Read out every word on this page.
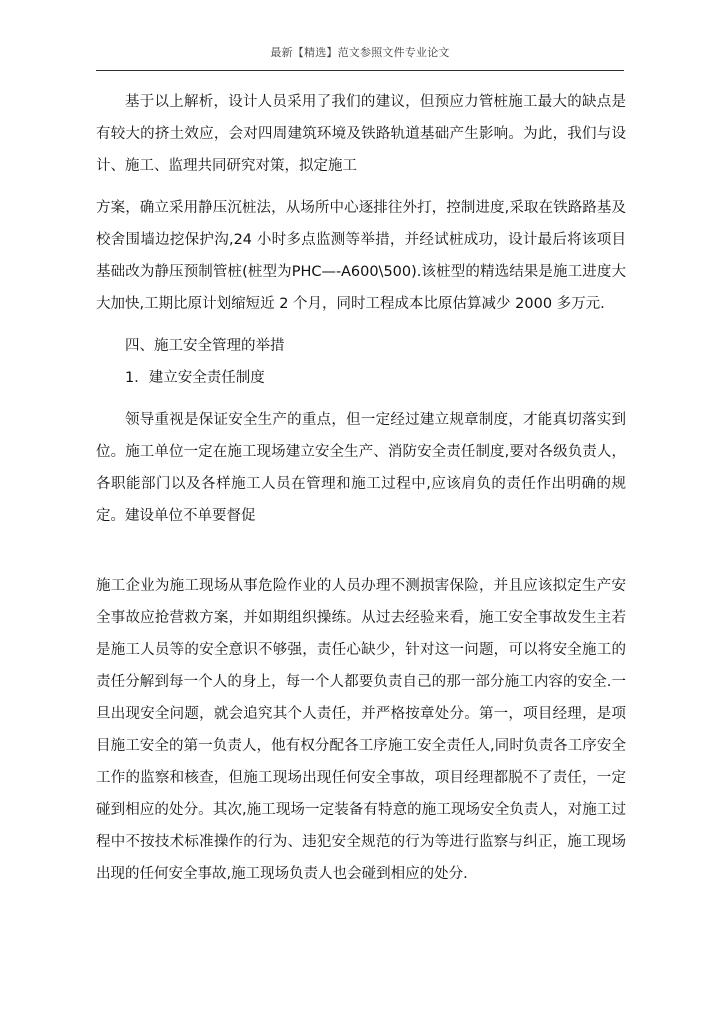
最新【精选】范文参照文件专业论文

基于以上解析，设计人员采用了我们的建议，但预应力管桩施工最大的缺点是有较大的挤土效应，会对四周建筑环境及铁路轨道基础产生影响。为此，我们与设计、施工、监理共同研究对策，拟定施工

方案，确立采用静压沉桩法，从场所中心逐排往外打，控制进度,采取在铁路路基及校舍围墙边挖保护沟,24 小时多点监测等举措，并经试桩成功，设计最后将该项目基础改为静压预制管桩(桩型为PHC—-A600\500).该桩型的精选结果是施工进度大大加快,工期比原计划缩短近 2 个月，同时工程成本比原估算减少 2000 多万元.

四、施工安全管理的举措

1．建立安全责任制度

领导重视是保证安全生产的重点，但一定经过建立规章制度，才能真切落实到位。施工单位一定在施工现场建立安全生产、消防安全责任制度,要对各级负责人，各职能部门以及各样施工人员在管理和施工过程中,应该肩负的责任作出明确的规定。建设单位不单要督促

施工企业为施工现场从事危险作业的人员办理不测损害保险，并且应该拟定生产安全事故应抢营救方案，并如期组织操练。从过去经验来看，施工安全事故发生主若是施工人员等的安全意识不够强，责任心缺少，针对这一问题，可以将安全施工的责任分解到每一个人的身上，每一个人都要负责自己的那一部分施工内容的安全.一旦出现安全问题，就会追究其个人责任，并严格按章处分。第一，项目经理，是项目施工安全的第一负责人，他有权分配各工序施工安全责任人,同时负责各工序安全工作的监察和核查，但施工现场出现任何安全事故，项目经理都脱不了责任，一定碰到相应的处分。其次,施工现场一定装备有特意的施工现场安全负责人，对施工过程中不按技术标准操作的行为、违犯安全规范的行为等进行监察与纠正，施工现场出现的任何安全事故,施工现场负责人也会碰到相应的处分.
